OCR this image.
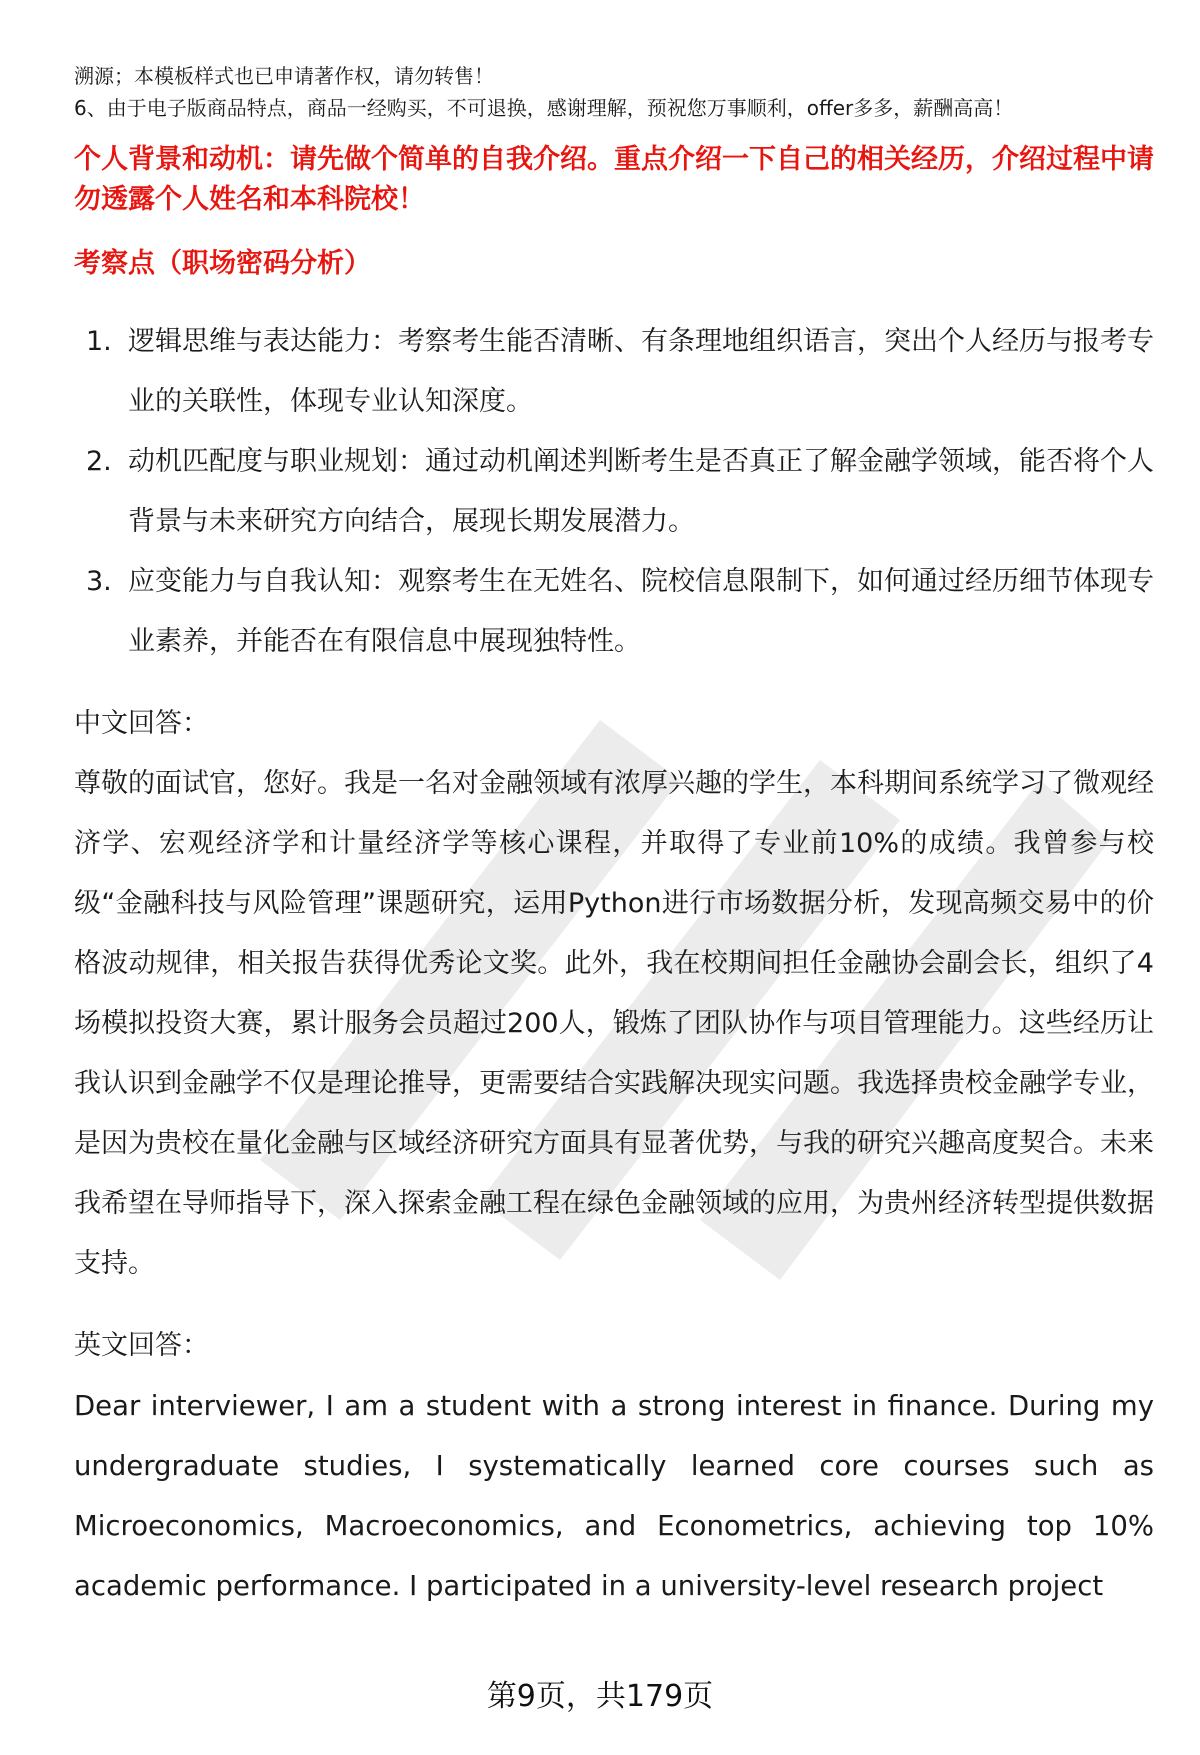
溯源；本模板样式也已申请著作权，请勿转售！

6、由于电子版商品特点，商品一经购买，不可退换，感谢理解，预祝您万事顺利，offer多多，薪酬高高！

个人背景和动机：请先做个简单的自我介绍。重点介绍一下自己的相关经历，介绍过程中请勿透露个人姓名和本科院校！

考察点（职场密码分析）

1. 逻辑思维与表达能力：考察考生能否清晰、有条理地组织语言，突出个人经历与报考专业的关联性，体现专业认知深度。
2. 动机匹配度与职业规划：通过动机阐述判断考生是否真正了解金融学领域，能否将个人背景与未来研究方向结合，展现长期发展潜力。
3. 应变能力与自我认知：观察考生在无姓名、院校信息限制下，如何通过经历细节体现专业素养，并能否在有限信息中展现独特性。

中文回答：

尊敬的面试官，您好。我是一名对金融领域有浓厚兴趣的学生，本科期间系统学习了微观经济学、宏观经济学和计量经济学等核心课程，并取得了专业前10%的成绩。我曾参与校级“金融科技与风险管理”课题研究，运用Python进行市场数据分析，发现高频交易中的价格波动规律，相关报告获得优秀论文奖。此外，我在校期间担任金融协会副会长，组织了4场模拟投资大赛，累计服务会员超过200人，锻炼了团队协作与项目管理能力。这些经历让我认识到金融学不仅是理论推导，更需要结合实践解决现实问题。我选择贵校金融学专业，是因为贵校在量化金融与区域经济研究方面具有显著优势，与我的研究兴趣高度契合。未来我希望在导师指导下，深入探索金融工程在绿色金融领域的应用，为贵州经济转型提供数据支持。

英文回答：

Dear interviewer, I am a student with a strong interest in finance. During my undergraduate studies, I systematically learned core courses such as Microeconomics, Macroeconomics, and Econometrics, achieving top 10% academic performance. I participated in a university-level research project

第9页，共179页
